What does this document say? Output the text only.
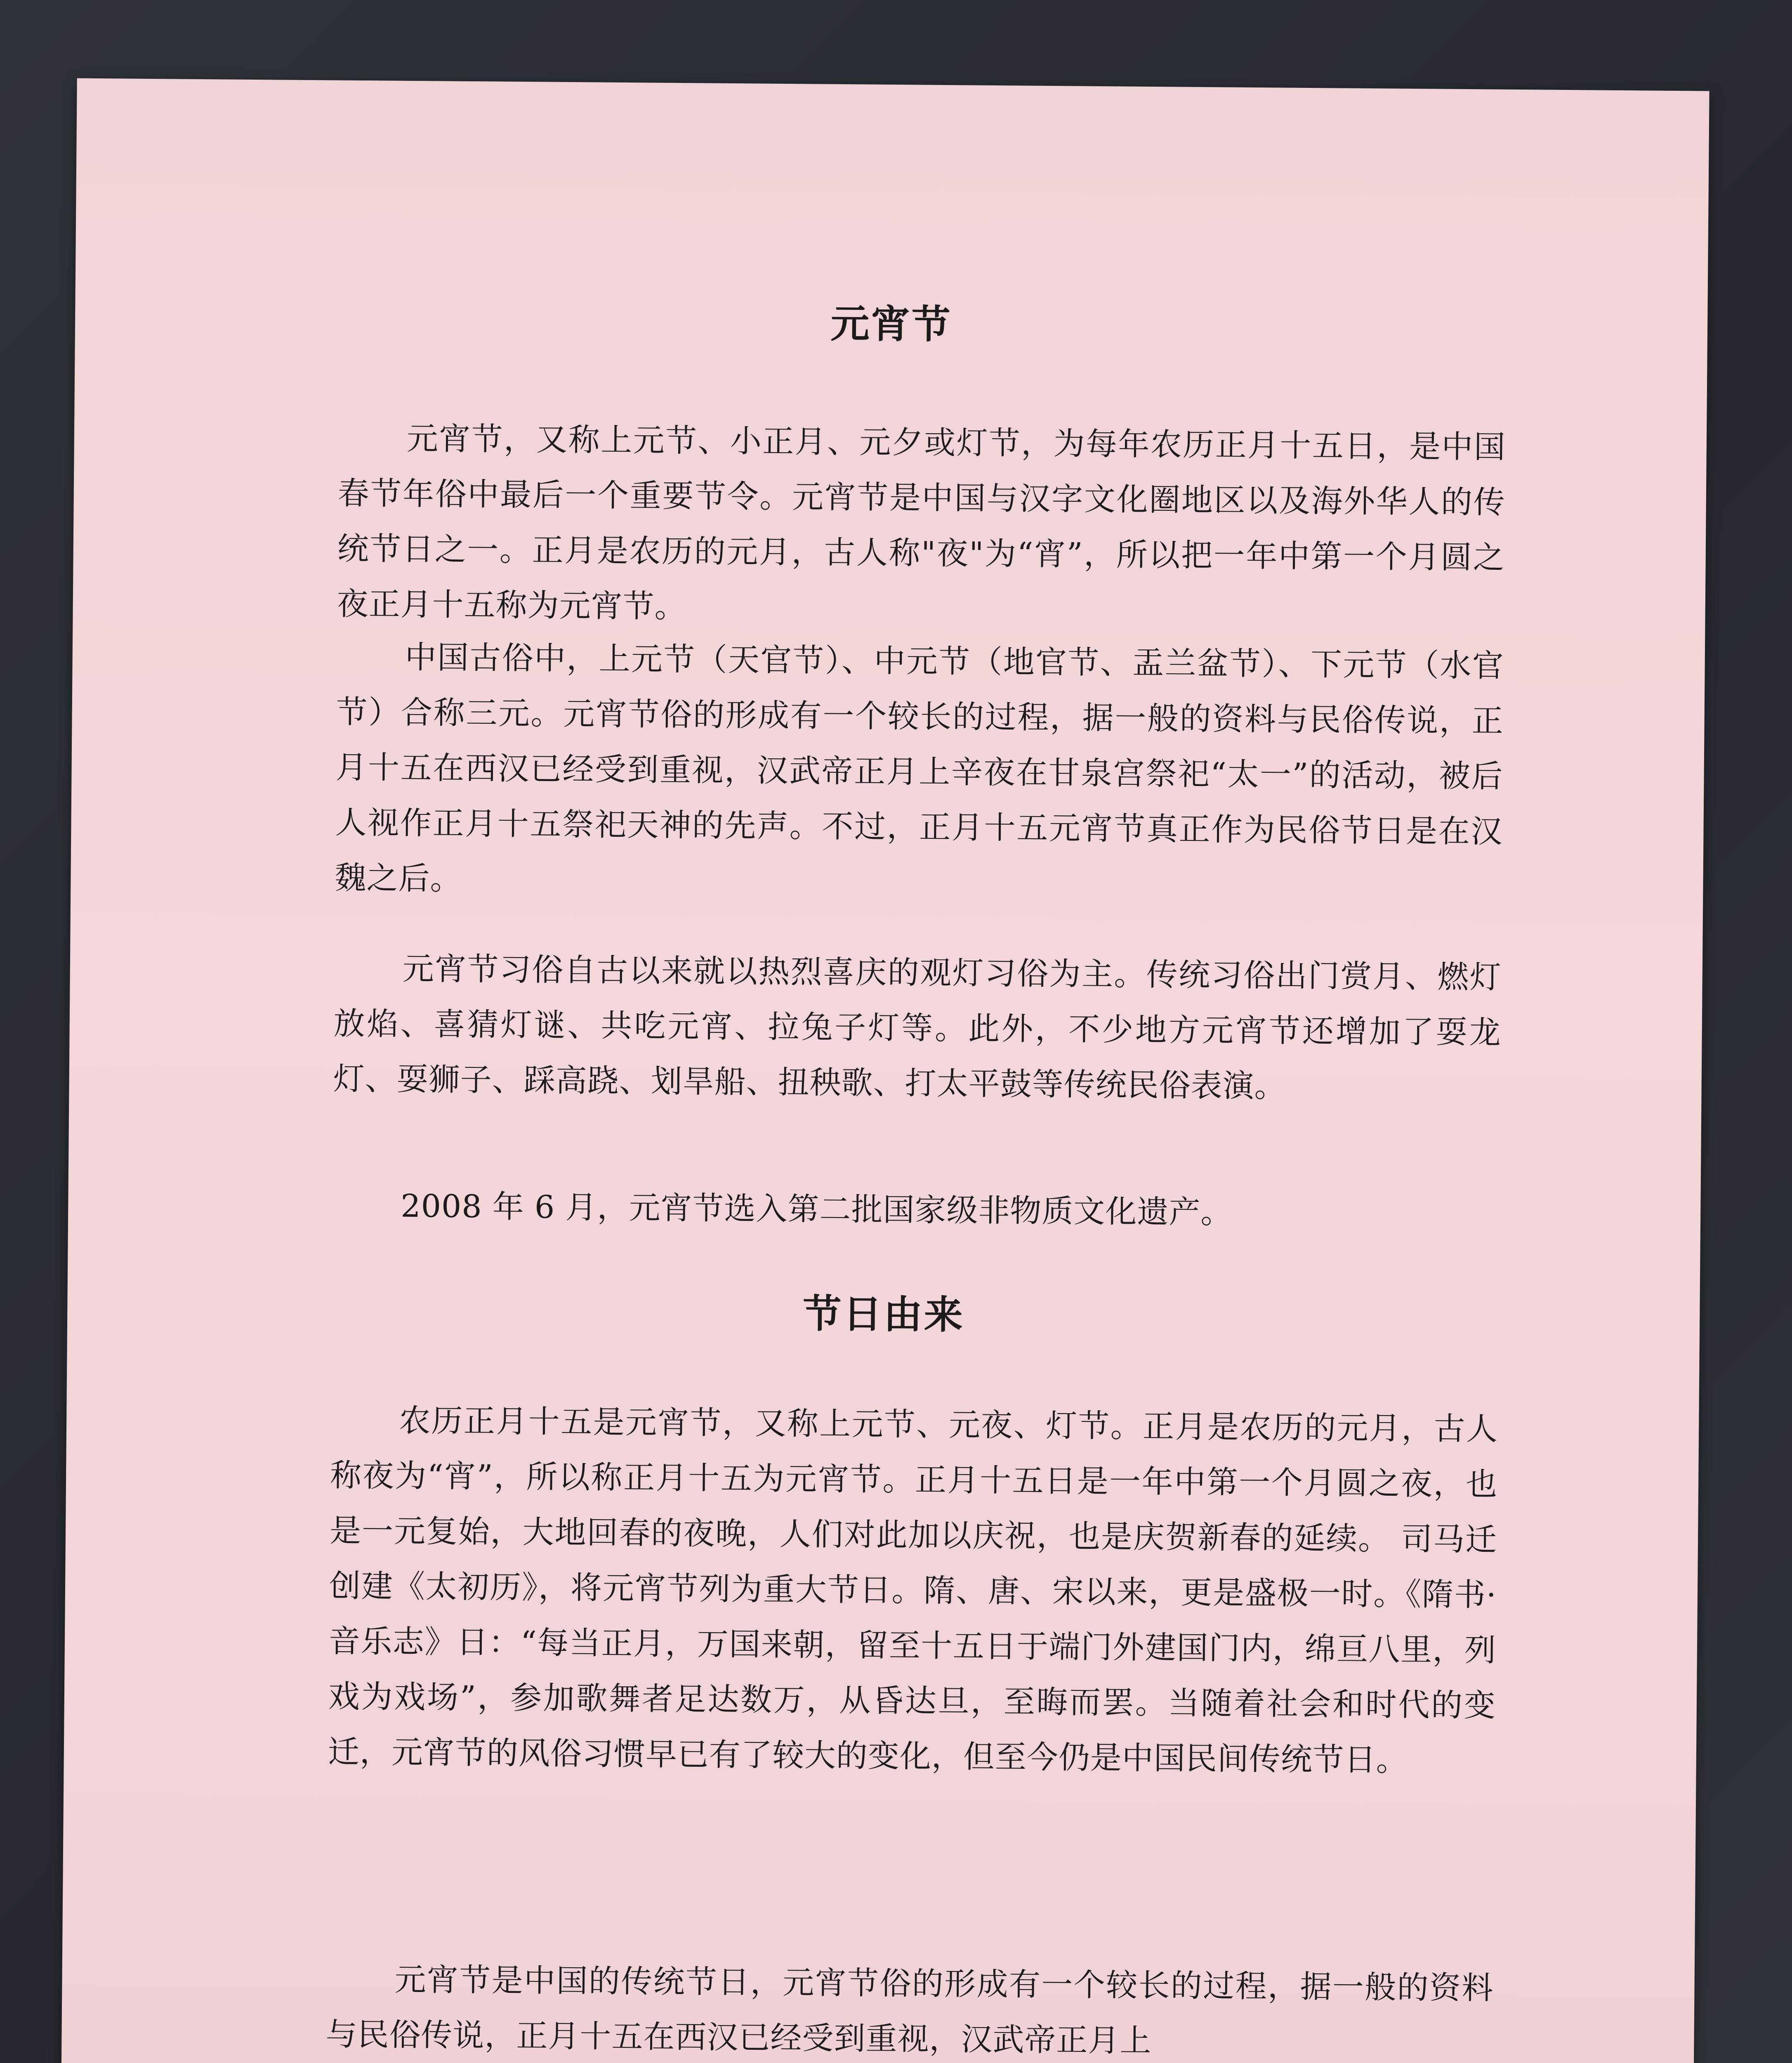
元宵节
元宵节，又称上元节、小正月、元夕或灯节，为每年农历正月十五日，是中国春节年俗中最后一个重要节令。元宵节是中国与汉字文化圈地区以及海外华人的传统节日之一。正月是农历的元月，古人称"夜"为“宵”，所以把一年中第一个月圆之夜正月十五称为元宵节。
中国古俗中，上元节（天官节）、中元节（地官节、盂兰盆节）、下元节（水官节）合称三元。元宵节俗的形成有一个较长的过程，据一般的资料与民俗传说，正月十五在西汉已经受到重视，汉武帝正月上辛夜在甘泉宫祭祀“太一”的活动，被后人视作正月十五祭祀天神的先声。不过，正月十五元宵节真正作为民俗节日是在汉魏之后。
元宵节习俗自古以来就以热烈喜庆的观灯习俗为主。传统习俗出门赏月、燃灯放焰、喜猜灯谜、共吃元宵、拉兔子灯等。此外，不少地方元宵节还增加了耍龙灯、耍狮子、踩高跷、划旱船、扭秧歌、打太平鼓等传统民俗表演。
2008 年 6 月，元宵节选入第二批国家级非物质文化遗产。
节日由来
农历正月十五是元宵节，又称上元节、元夜、灯节。正月是农历的元月，古人称夜为“宵”，所以称正月十五为元宵节。正月十五日是一年中第一个月圆之夜，也是一元复始，大地回春的夜晚，人们对此加以庆祝，也是庆贺新春的延续。 司马迁创建《太初历》，将元宵节列为重大节日。隋、唐、宋以来，更是盛极一时。《隋书·音乐志》日：“每当正月，万国来朝，留至十五日于端门外建国门内，绵亘八里，列戏为戏场”，参加歌舞者足达数万，从昏达旦，至晦而罢。当随着社会和时代的变迁，元宵节的风俗习惯早已有了较大的变化，但至今仍是中国民间传统节日。
元宵节是中国的传统节日，元宵节俗的形成有一个较长的过程，据一般的资料与民俗传说，正月十五在西汉已经受到重视，汉武帝正月上
